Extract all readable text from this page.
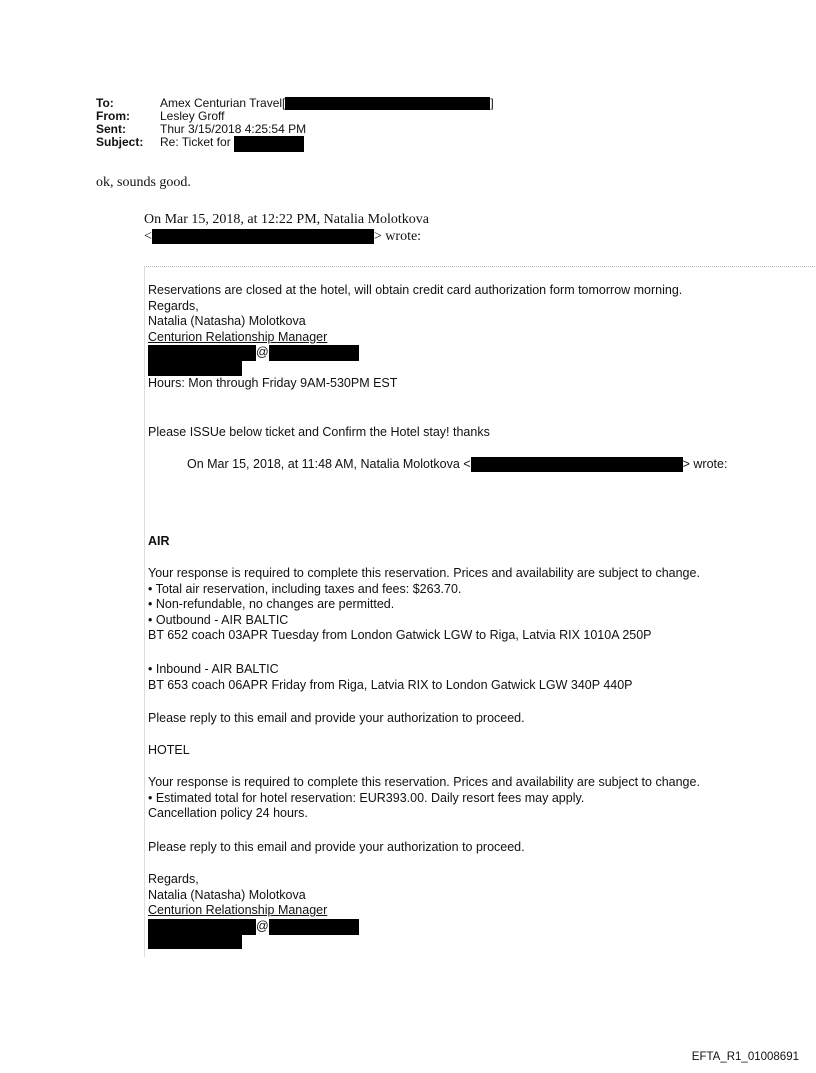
To:	Amex Centurian Travel[	]
From:	Lesley Groff
Sent:	Thur 3/15/2018 4:25:54 PM
Subject:	Re: Ticket for

ok, sounds good.
On Mar 15, 2018, at 12:22 PM, Natalia Molotkova
<	> wrote:

Reservations are closed at the hotel, will obtain credit card authorization form tomorrow morning.

Regards,

Natalia (Natasha) Molotkova

Centurion Relationship Manager

@

Hours: Mon through Friday 9AM-530PM EST

Please ISSUe below ticket and Confirm the Hotel stay! thanks
On Mar 15, 2018, at 11:48 AM, Natalia Molotkova <	> wrote:
AIR

Your response is required to complete this reservation. Prices and availability are subject to change.

• Total air reservation, including taxes and fees: $263.70.

• Non-refundable, no changes are permitted.

• Outbound - AIR BALTIC

BT 652 coach 03APR Tuesday from London Gatwick LGW to Riga, Latvia RIX 1010A 250P

• Inbound - AIR BALTIC

BT 653 coach 06APR Friday from Riga, Latvia RIX to London Gatwick LGW 340P 440P

Please reply to this email and provide your authorization to proceed.
HOTEL

Your response is required to complete this reservation. Prices and availability are subject to change.

• Estimated total for hotel reservation: EUR393.00. Daily resort fees may apply.

Cancellation policy 24 hours.

Please reply to this email and provide your authorization to proceed.

Regards,

Natalia (Natasha) Molotkova

Centurion Relationship Manager

@

EFTA_R1_01008691
